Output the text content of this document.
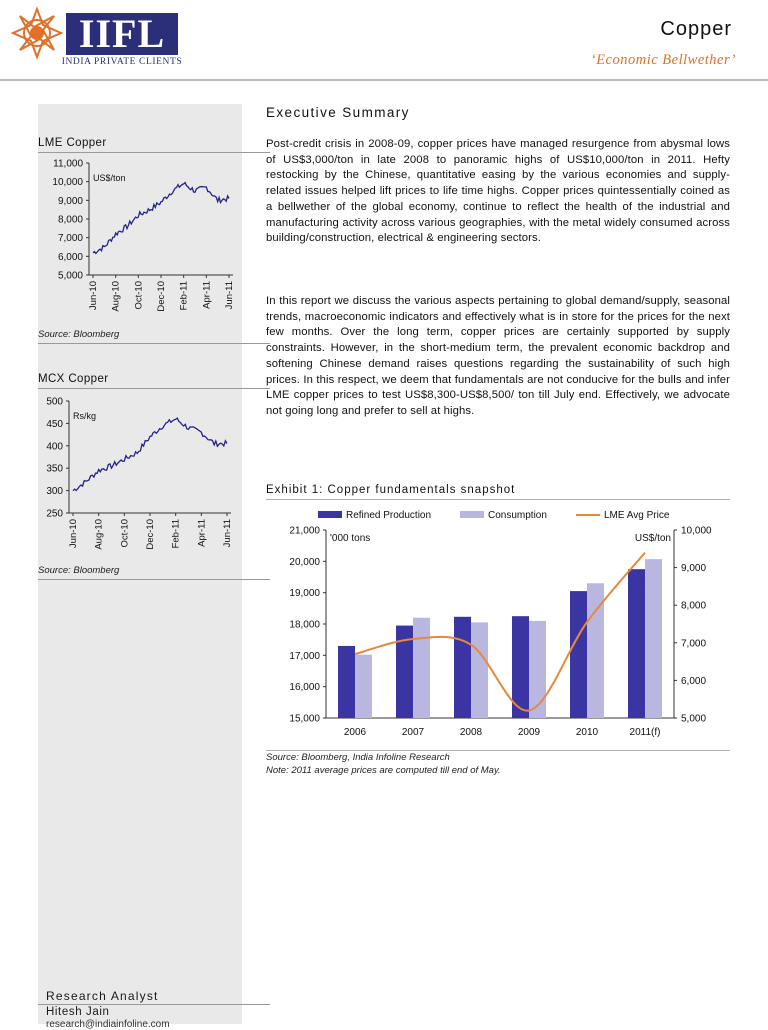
IIFL
INDIA PRIVATE CLIENTS
Copper
‘Economic Bellwether’
LME Copper
11,000
10,000
9,000
8,000
7,000
6,000
5,000
Jun-10 Aug-10 Oct-10 Dec-10 Feb-11 Apr-11 Jun-11
US$/ton
Source: Bloomberg
MCX Copper
500
450
400
350
300
250
Jun-10 Aug-10 Oct-10 Dec-10 Feb-11 Apr-11 Jun-11
Rs/kg
Source: Bloomberg
Research Analyst
Hitesh Jain
research@indiainfoline.com
Executive Summary
Post-credit crisis in 2008-09, copper prices have managed resurgence from abysmal lows of US$3,000/ton in late 2008 to panoramic highs of US$10,000/ton in 2011. Hefty restocking by the Chinese, quantitative easing by the various economies and supply-related issues helped lift prices to life time highs. Copper prices quintessentially coined as a bellwether of the global economy, continue to reflect the health of the industrial and manufacturing activity across various geographies, with the metal widely consumed across building/construction, electrical & engineering sectors.
In this report we discuss the various aspects pertaining to global demand/supply, seasonal trends, macroeconomic indicators and effectively what is in store for the prices for the next few months. Over the long term, copper prices are certainly supported by supply constraints. However, in the short-medium term, the prevalent economic backdrop and softening Chinese demand raises questions regarding the sustainability of such high prices. In this respect, we deem that fundamentals are not conducive for the bulls and infer LME copper prices to test US$8,300-US$8,500/ ton till July end. Effectively, we advocate not going long and prefer to sell at highs.
Exhibit 1: Copper fundamentals snapshot
Refined Production	Consumption	LME Avg Price
21,000
20,000
19,000
18,000
17,000
16,000
15,000
10,000
9,000
8,000
7,000
6,000
5,000
'000 tons	US$/ton
2006	2007	2008	2009	2010	2011(f)
Source: Bloomberg, India Infoline Research
Note: 2011 average prices are computed till end of May.
